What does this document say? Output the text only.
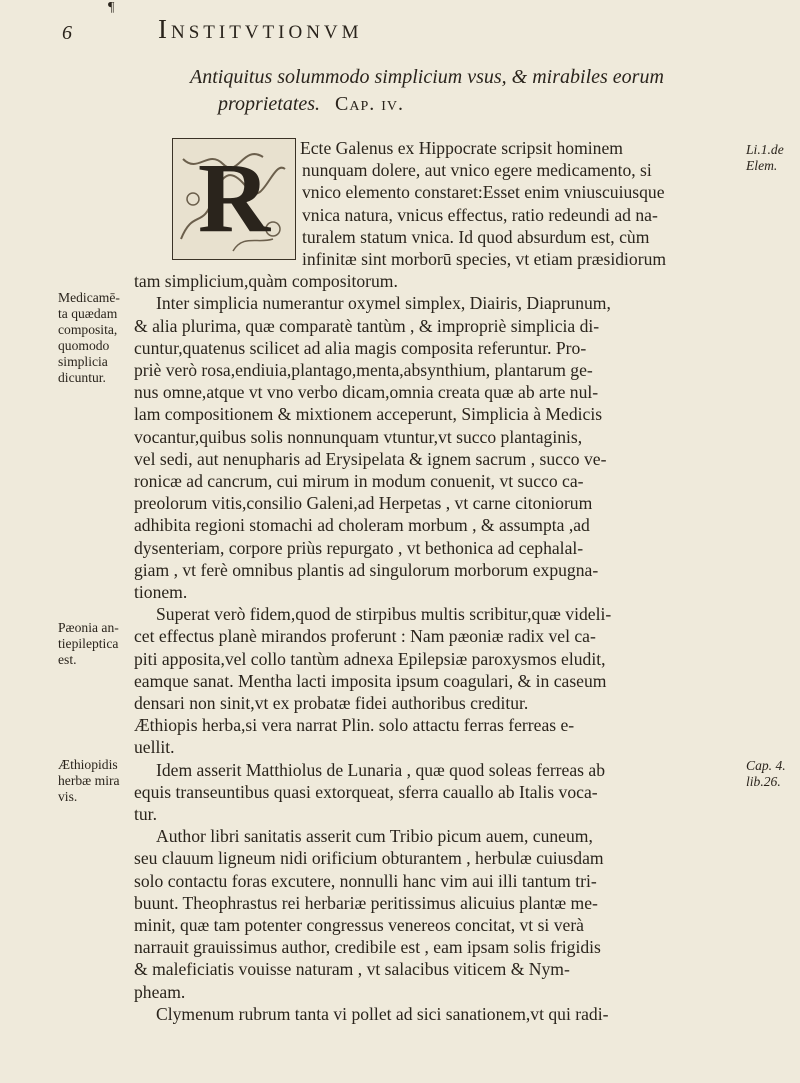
¶
6	Institvtionvm
Antiquitus solummodo simplicium vsus, & mirabiles eorum
proprietates. Cap. iv.
R	Ecte Galenus ex Hippocrate scripsit hominem
nunquam dolere, aut vnico egere medicamento, si
vnico elemento constaret:Esset enim vniuscuiusque
vnica natura, vnicus effectus, ratio redeundi ad na-
turalem statum vnica. Id quod absurdum est, cùm
infinitæ sint morborū species, vt etiam præsidiorum
tam simplicium,quàm compositorum.
Inter simplicia numerantur oxymel simplex, Diairis, Diaprunum,
& alia plurima, quæ comparatè tantùm , & impropriè simplicia di-
cuntur,quatenus scilicet ad alia magis composita referuntur. Pro-
priè verò rosa,endiuia,plantago,menta,absynthium, plantarum ge-
nus omne,atque vt vno verbo dicam,omnia creata quæ ab arte nul-
lam compositionem & mixtionem acceperunt, Simplicia à Medicis
vocantur,quibus solis nonnunquam vtuntur,vt succo plantaginis,
vel sedi, aut nenupharis ad Erysipelata & ignem sacrum , succo ve-
ronicæ ad cancrum, cui mirum in modum conuenit, vt succo ca-
preolorum vitis,consilio Galeni,ad Herpetas , vt carne citoniorum
adhibita regioni stomachi ad choleram morbum , & assumpta ,ad
dysenteriam, corpore priùs repurgato , vt bethonica ad cephalal-
giam , vt ferè omnibus plantis ad singulorum morborum expugna-
tionem.
Superat verò fidem,quod de stirpibus multis scribitur,quæ videli-
cet effectus planè mirandos proferunt : Nam pæoniæ radix vel ca-
piti apposita,vel collo tantùm adnexa Epilepsiæ paroxysmos eludit,
eamque sanat. Mentha lacti imposita ipsum coagulari, & in caseum
densari non sinit,vt ex probatæ fidei authoribus creditur.
Æthiopis herba,si vera narrat Plin. solo attactu ferras ferreas e-
uellit.
Idem asserit Matthiolus de Lunaria , quæ quod soleas ferreas ab
equis transeuntibus quasi extorqueat, sferra cauallo ab Italis voca-
tur.
Author libri sanitatis asserit cum Tribio picum auem, cuneum,
seu clauum ligneum nidi orificium obturantem , herbulæ cuiusdam
solo contactu foras excutere, nonnulli hanc vim aui illi tantum tri-
buunt. Theophrastus rei herbariæ peritissimus alicuius plantæ me-
minit, quæ tam potenter congressus venereos concitat, vt si verà
narrauit grauissimus author, credibile est , eam ipsam solis frigidis
& maleficiatis vouisse naturam , vt salacibus viticem & Nym-
pheam.
Clymenum rubrum tanta vi pollet ad sici sanationem,vt qui radi-
Medicamē-
ta quædam
composita,
quomodo
simplicia
dicuntur.
Pæonia an-
tiepileptica
est.
Æthiopidis
herbæ mira
vis.
Li.1.de
Elem.
Cap. 4.
lib.26.
